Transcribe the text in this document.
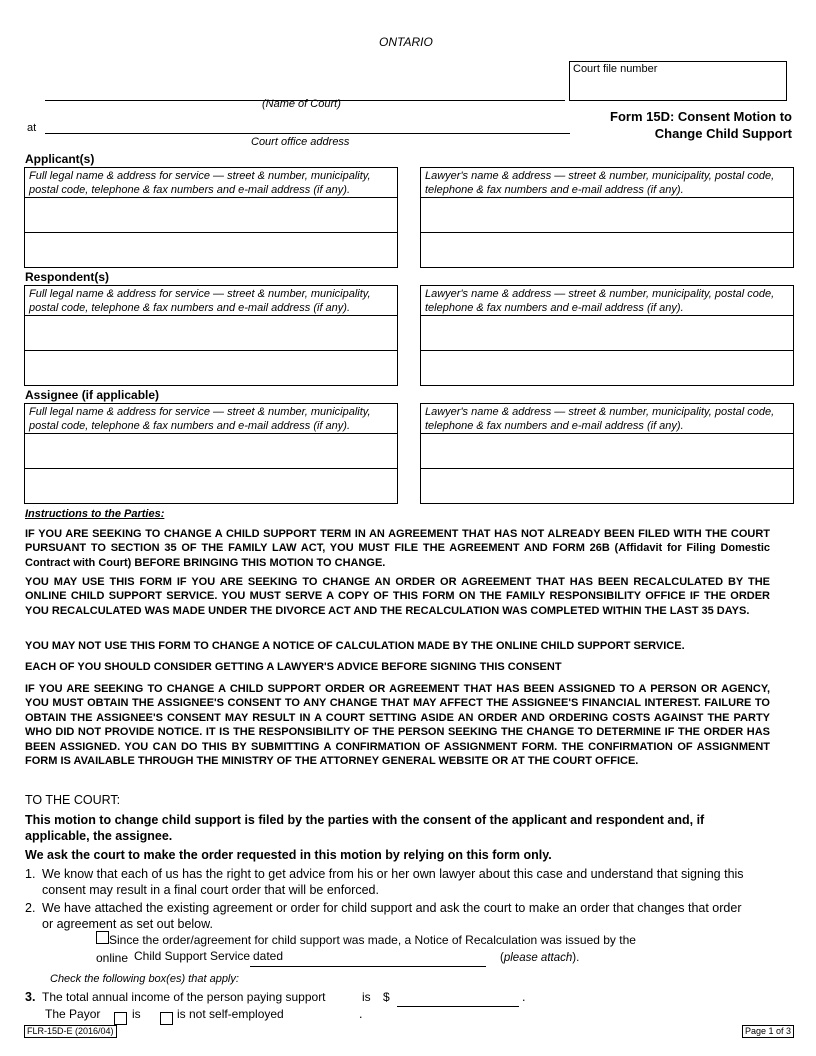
ONTARIO
Court file number
(Name of Court)
at
Court office address
Form 15D: Consent Motion to
Change Child Support
Applicant(s)
Full legal name & address for service — street & number, municipality, postal code, telephone & fax numbers and e-mail address (if any).
Lawyer's name & address — street & number, municipality, postal code, telephone & fax numbers and e-mail address (if any).
Respondent(s)
Full legal name & address for service — street & number, municipality, postal code, telephone & fax numbers and e-mail address (if any).
Lawyer's name & address — street & number, municipality, postal code, telephone & fax numbers and e-mail address (if any).
Assignee (if applicable)
Full legal name & address for service — street & number, municipality, postal code, telephone & fax numbers and e-mail address (if any).
Lawyer's name & address — street & number, municipality, postal code, telephone & fax numbers and e-mail address (if any).
Instructions to the Parties:
IF YOU ARE SEEKING TO CHANGE A CHILD SUPPORT TERM IN AN AGREEMENT THAT HAS NOT ALREADY BEEN FILED WITH THE COURT PURSUANT TO SECTION 35 OF THE FAMILY LAW ACT, YOU MUST FILE THE AGREEMENT AND FORM 26B (Affidavit for Filing Domestic Contract with Court) BEFORE BRINGING THIS MOTION TO CHANGE.
YOU MAY USE THIS FORM IF YOU ARE SEEKING TO CHANGE AN ORDER OR AGREEMENT THAT HAS BEEN RECALCULATED BY THE ONLINE CHILD SUPPORT SERVICE. YOU MUST SERVE A COPY OF THIS FORM ON THE FAMILY RESPONSIBILITY OFFICE IF THE ORDER YOU RECALCULATED WAS MADE UNDER THE DIVORCE ACT AND THE RECALCULATION WAS COMPLETED WITHIN THE LAST 35 DAYS.
YOU MAY NOT USE THIS FORM TO CHANGE A NOTICE OF CALCULATION MADE BY THE ONLINE CHILD SUPPORT SERVICE.
EACH OF YOU SHOULD CONSIDER GETTING A LAWYER'S ADVICE BEFORE SIGNING THIS CONSENT
IF YOU ARE SEEKING TO CHANGE A CHILD SUPPORT ORDER OR AGREEMENT THAT HAS BEEN ASSIGNED TO A PERSON OR AGENCY, YOU MUST OBTAIN THE ASSIGNEE'S CONSENT TO ANY CHANGE THAT MAY AFFECT THE ASSIGNEE'S FINANCIAL INTEREST. FAILURE TO OBTAIN THE ASSIGNEE'S CONSENT MAY RESULT IN A COURT SETTING ASIDE AN ORDER AND ORDERING COSTS AGAINST THE PARTY WHO DID NOT PROVIDE NOTICE. IT IS THE RESPONSIBILITY OF THE PERSON SEEKING THE CHANGE TO DETERMINE IF THE ORDER HAS BEEN ASSIGNED. YOU CAN DO THIS BY SUBMITTING A CONFIRMATION OF ASSIGNMENT FORM. THE CONFIRMATION OF ASSIGNMENT FORM IS AVAILABLE THROUGH THE MINISTRY OF THE ATTORNEY GENERAL WEBSITE OR AT THE COURT OFFICE.
TO THE COURT:
This motion to change child support is filed by the parties with the consent of the applicant and respondent and, if applicable, the assignee.
We ask the court to make the order requested in this motion by relying on this form only.
1. We know that each of us has the right to get advice from his or her own lawyer about this case and understand that signing this consent may result in a final court order that will be enforced.
2. We have attached the existing agreement or order for child support and ask the court to make an order that changes that order or agreement as set out below.
Since the order/agreement for child support was made, a Notice of Recalculation was issued by the
online Child Support Service dated	(please attach).
Check the following box(es) that apply:
3. The total annual income of the person paying support	is $	.
The Payor	is	is not self-employed	.
FLR-15D-E (2016/04)	Page 1 of 3
